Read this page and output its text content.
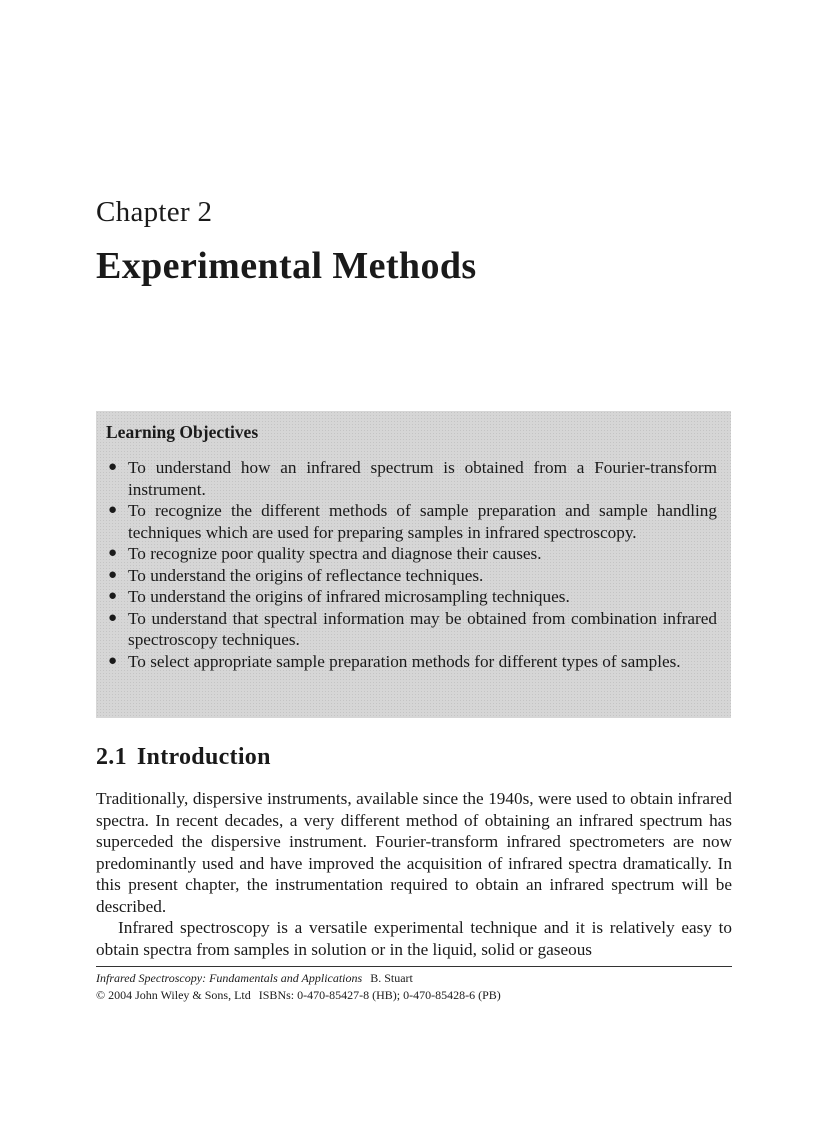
Chapter 2
Experimental Methods
Learning Objectives
● To understand how an infrared spectrum is obtained from a Fourier-transform instrument.
● To recognize the different methods of sample preparation and sample handling techniques which are used for preparing samples in infrared spectroscopy.
● To recognize poor quality spectra and diagnose their causes.
● To understand the origins of reflectance techniques.
● To understand the origins of infrared microsampling techniques.
● To understand that spectral information may be obtained from combination infrared spectroscopy techniques.
● To select appropriate sample preparation methods for different types of samples.
2.1 Introduction

Traditionally, dispersive instruments, available since the 1940s, were used to obtain infrared spectra. In recent decades, a very different method of obtaining an infrared spectrum has superceded the dispersive instrument. Fourier-transform infrared spectrometers are now predominantly used and have improved the acquisition of infrared spectra dramatically. In this present chapter, the instrumentation required to obtain an infrared spectrum will be described.

Infrared spectroscopy is a versatile experimental technique and it is relatively easy to obtain spectra from samples in solution or in the liquid, solid or gaseous

Infrared Spectroscopy: Fundamentals and Applications B. Stuart
© 2004 John Wiley & Sons, Ltd ISBNs: 0-470-85427-8 (HB); 0-470-85428-6 (PB)
